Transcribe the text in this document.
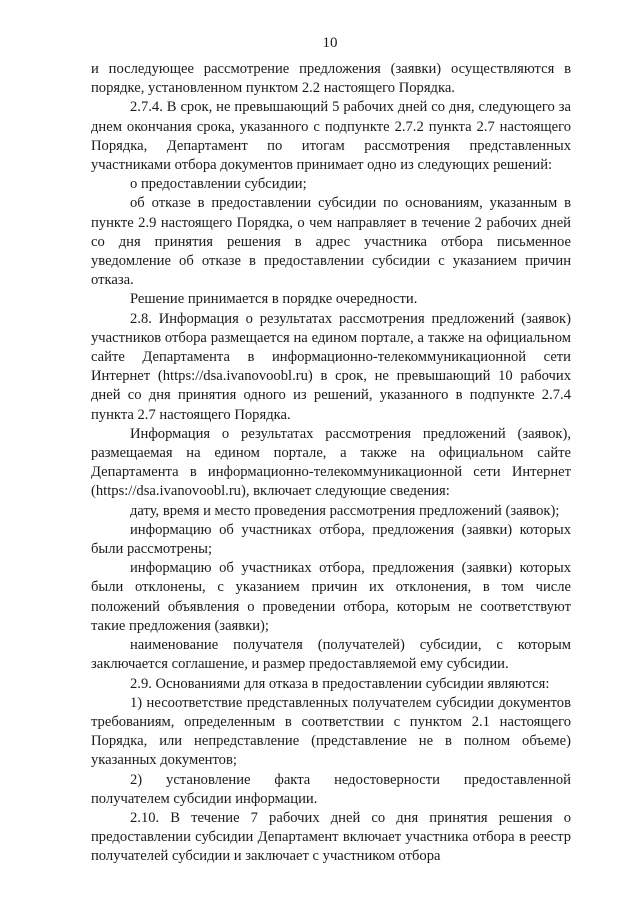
10

и последующее рассмотрение предложения (заявки) осуществляются в порядке, установленном пунктом 2.2 настоящего Порядка.

2.7.4. В срок, не превышающий 5 рабочих дней со дня, следующего за днем окончания срока, указанного с подпункте 2.7.2 пункта 2.7 настоящего Порядка, Департамент по итогам рассмотрения представленных участниками отбора документов принимает одно из следующих решений:

о предоставлении субсидии;

об отказе в предоставлении субсидии по основаниям, указанным в пункте 2.9 настоящего Порядка, о чем направляет в течение 2 рабочих дней со дня принятия решения в адрес участника отбора письменное уведомление об отказе в предоставлении субсидии с указанием причин отказа.

Решение принимается в порядке очередности.

2.8. Информация о результатах рассмотрения предложений (заявок) участников отбора размещается на едином портале, а также на официальном сайте Департамента в информационно-телекоммуникационной сети Интернет (https://dsa.ivanovoobl.ru) в срок, не превышающий 10 рабочих дней со дня принятия одного из решений, указанного в подпункте 2.7.4 пункта 2.7 настоящего Порядка.

Информация о результатах рассмотрения предложений (заявок), размещаемая на едином портале, а также на официальном сайте Департамента в информационно-телекоммуникационной сети Интернет (https://dsa.ivanovoobl.ru), включает следующие сведения:

дату, время и место проведения рассмотрения предложений (заявок);

информацию об участниках отбора, предложения (заявки) которых были рассмотрены;

информацию об участниках отбора, предложения (заявки) которых были отклонены, с указанием причин их отклонения, в том числе положений объявления о проведении отбора, которым не соответствуют такие предложения (заявки);

наименование получателя (получателей) субсидии, с которым заключается соглашение, и размер предоставляемой ему субсидии.

2.9. Основаниями для отказа в предоставлении субсидии являются:

1) несоответствие представленных получателем субсидии документов требованиям, определенным в соответствии с пунктом 2.1 настоящего Порядка, или непредставление (представление не в полном объеме) указанных документов;

2) установление факта недостоверности предоставленной получателем субсидии информации.

2.10. В течение 7 рабочих дней со дня принятия решения о предоставлении субсидии Департамент включает участника отбора в реестр получателей субсидии и заключает с участником отбора
